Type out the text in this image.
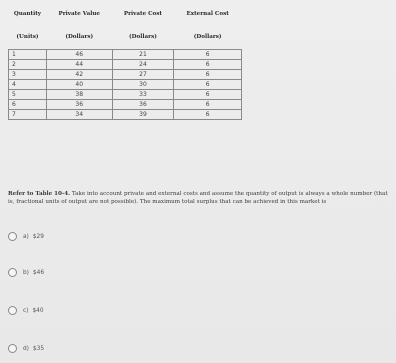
Quantity	Private Value	Private Cost	External Cost
(Units)	(Dollars)	(Dollars)	(Dollars)
1	46	21	6
2	44	24	6
3	42	27	6
4	40	30	6
5	38	33	6
6	36	36	6
7	34	39	6
Refer to Table 10-4. Take into account private and external costs and assume the quantity of output is always a whole number (that is, fractional units of output are not possible). The maximum total surplus that can be achieved in this market is
a) $29
b) $46
c) $40
d) $35
